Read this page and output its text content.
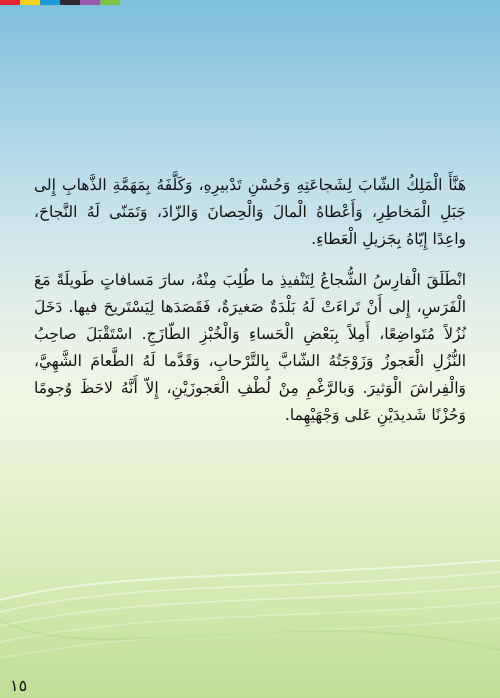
هَنَّأَ الْمَلِكُ الشّابَ لِشَجاعَتِهِ وَحُسْنِ تَدْبيرِهِ، وَكَلَّفَهُ بِمَهَمَّةِ الذَّهابِ إِلى جَبَلِ الْمَخاطِرِ، وَأَعْطاهُ الْمالَ وَالْحِصانَ وَالزّادَ، وَتَمَنّى لَهُ النَّجاحَ، واعِدًا إِيّاهُ بِجَزيلِ الْعَطاءِ.

انْطَلَقَ الْفارِسُ الشُّجاعُ لِتَنْفيذِ ما طُلِبَ مِنْهُ، سارَ مَسافاتٍ طَويلَةً مَعَ الْفَرَسِ، إِلى أَنْ تَراءَتْ لَهُ بَلْدَةٌ صَغيرَةٌ، فَقَصَدَها لِيَسْتَريحَ فيها. دَخَلَ نُزُلاً مُتَواضِعًا، أَمِلاً بِبَعْضِ الْحَساءِ وَالْخُبْزِ الطّازَجِ. اسْتَقْبَلَ صاحِبُ النُّزُلِ الْعَجوزُ وَزَوْجَتُهُ الشّابَّ بِالتَّرْحابِ، وَقَدَّما لَهُ الطَّعامَ الشَّهِيَّ، وَالْفِراشَ الْوَثيرَ. وَبالرَّغْمِ مِنْ لُطْفِ الْعَجوزَيْنِ، إِلاّ أَنَّهُ لاحَظَ وُجومًا وَحُزْنًا شَديدَيْنِ عَلى وَجْهَيْهِما.

١٥
